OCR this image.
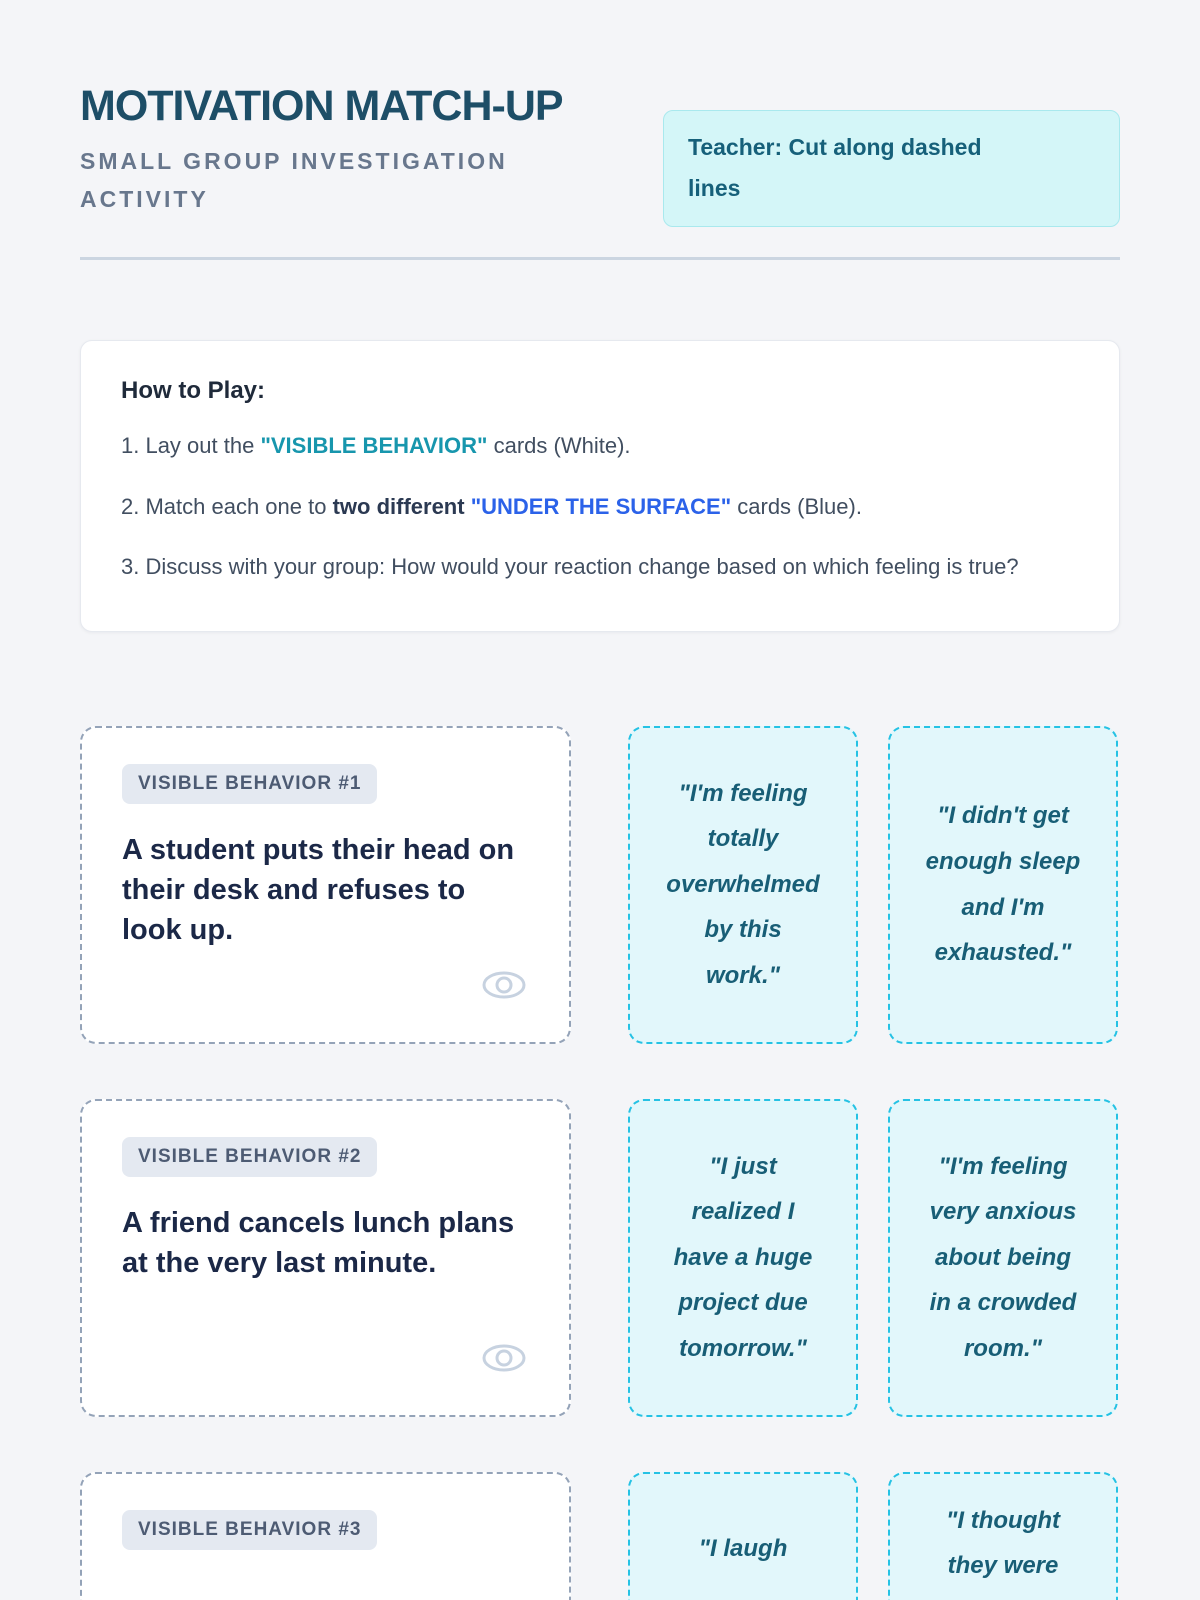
MOTIVATION MATCH-UP
SMALL GROUP INVESTIGATION ACTIVITY

Teacher: Cut along dashed lines

How to Play:

1. Lay out the "VISIBLE BEHAVIOR" cards (White).

2. Match each one to two different "UNDER THE SURFACE" cards (Blue).

3. Discuss with your group: How would your reaction change based on which feeling is true?

VISIBLE BEHAVIOR #1
A student puts their head on their desk and refuses to look up.
"I'm feeling totally overwhelmed by this work."
"I didn't get enough sleep and I'm exhausted."
VISIBLE BEHAVIOR #2
A friend cancels lunch plans at the very last minute.
"I just realized I have a huge project due tomorrow."
"I'm feeling very anxious about being in a crowded room."
VISIBLE BEHAVIOR #3
"I laugh
"I thought they were
